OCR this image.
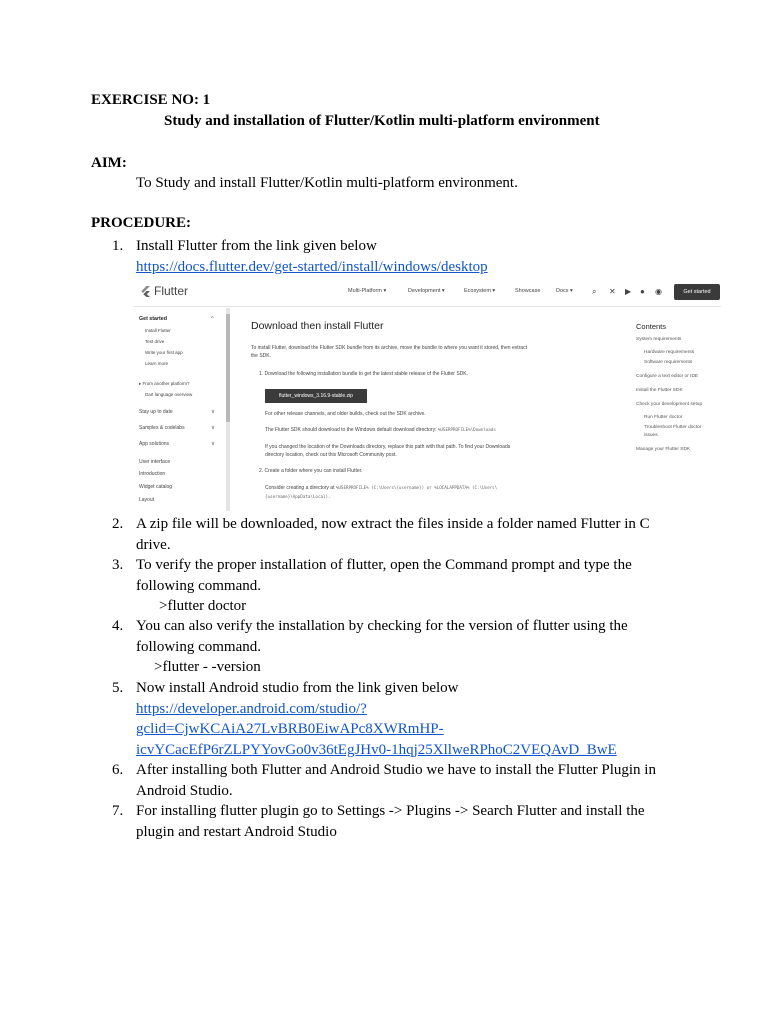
EXERCISE NO: 1
Study and installation of Flutter/Kotlin multi-platform environment
AIM:
To Study and install Flutter/Kotlin multi-platform environment.
PROCEDURE:
1. Install Flutter from the link given below
https://docs.flutter.dev/get-started/install/windows/desktop
Flutter	Multi-Platform ▾	Development ▾	Ecosystem ▾	Showcase	Docs ▾ ⌕ ✕ ▶ ● ◉	Get started
Get started	^
Install Flutter
Test drive
Write your first app
Learn more
▸ From another platform?
Dart language overview
Stay up to date	∨
Samples & codelabs	∨
App solutions	∨
User interface
Introduction
Widget catalog
Layout
Download then install Flutter
To install Flutter, download the Flutter SDK bundle from its archive, move the bundle to where you want it stored, then extract
the SDK.
1. Download the following installation bundle to get the latest stable release of the Flutter SDK.
flutter_windows_3.16.9-stable.zip
For other release channels, and older builds, check out the SDK archive.
The Flutter SDK should download to the Windows default download directory: %USERPROFILE%\Downloads
If you changed the location of the Downloads directory, replace this path with that path. To find your Downloads
directory location, check out this Microsoft Community post.
2. Create a folder where you can install Flutter.
Consider creating a directory at %USERPROFILE% (C:\Users\{username}) or %LOCALAPPDATA% (C:\Users\
{username}\AppData\Local).
Contents
System requirements
Hardware requirements
Software requirements
Configure a text editor or IDE
Install the Flutter SDK
Check your development setup
Run Flutter doctor
Troubleshoot Flutter doctor
issues
Manage your Flutter SDK
2. A zip file will be downloaded, now extract the files inside a folder named Flutter in C
drive.
3. To verify the proper installation of flutter, open the Command prompt and type the
following command.
>flutter doctor
4. You can also verify the installation by checking for the version of flutter using the
following command.
>flutter - -version
5. Now install Android studio from the link given below
https://developer.android.com/studio/?
gclid=CjwKCAiA27LvBRB0EiwAPc8XWRmHP-
icvYCacEfP6rZLPYYovGo0v36tEgJHv0-1hqj25XllweRPhoC2VEQAvD_BwE
6. After installing both Flutter and Android Studio we have to install the Flutter Plugin in
Android Studio.
7. For installing flutter plugin go to Settings -> Plugins -> Search Flutter and install the
plugin and restart Android Studio
